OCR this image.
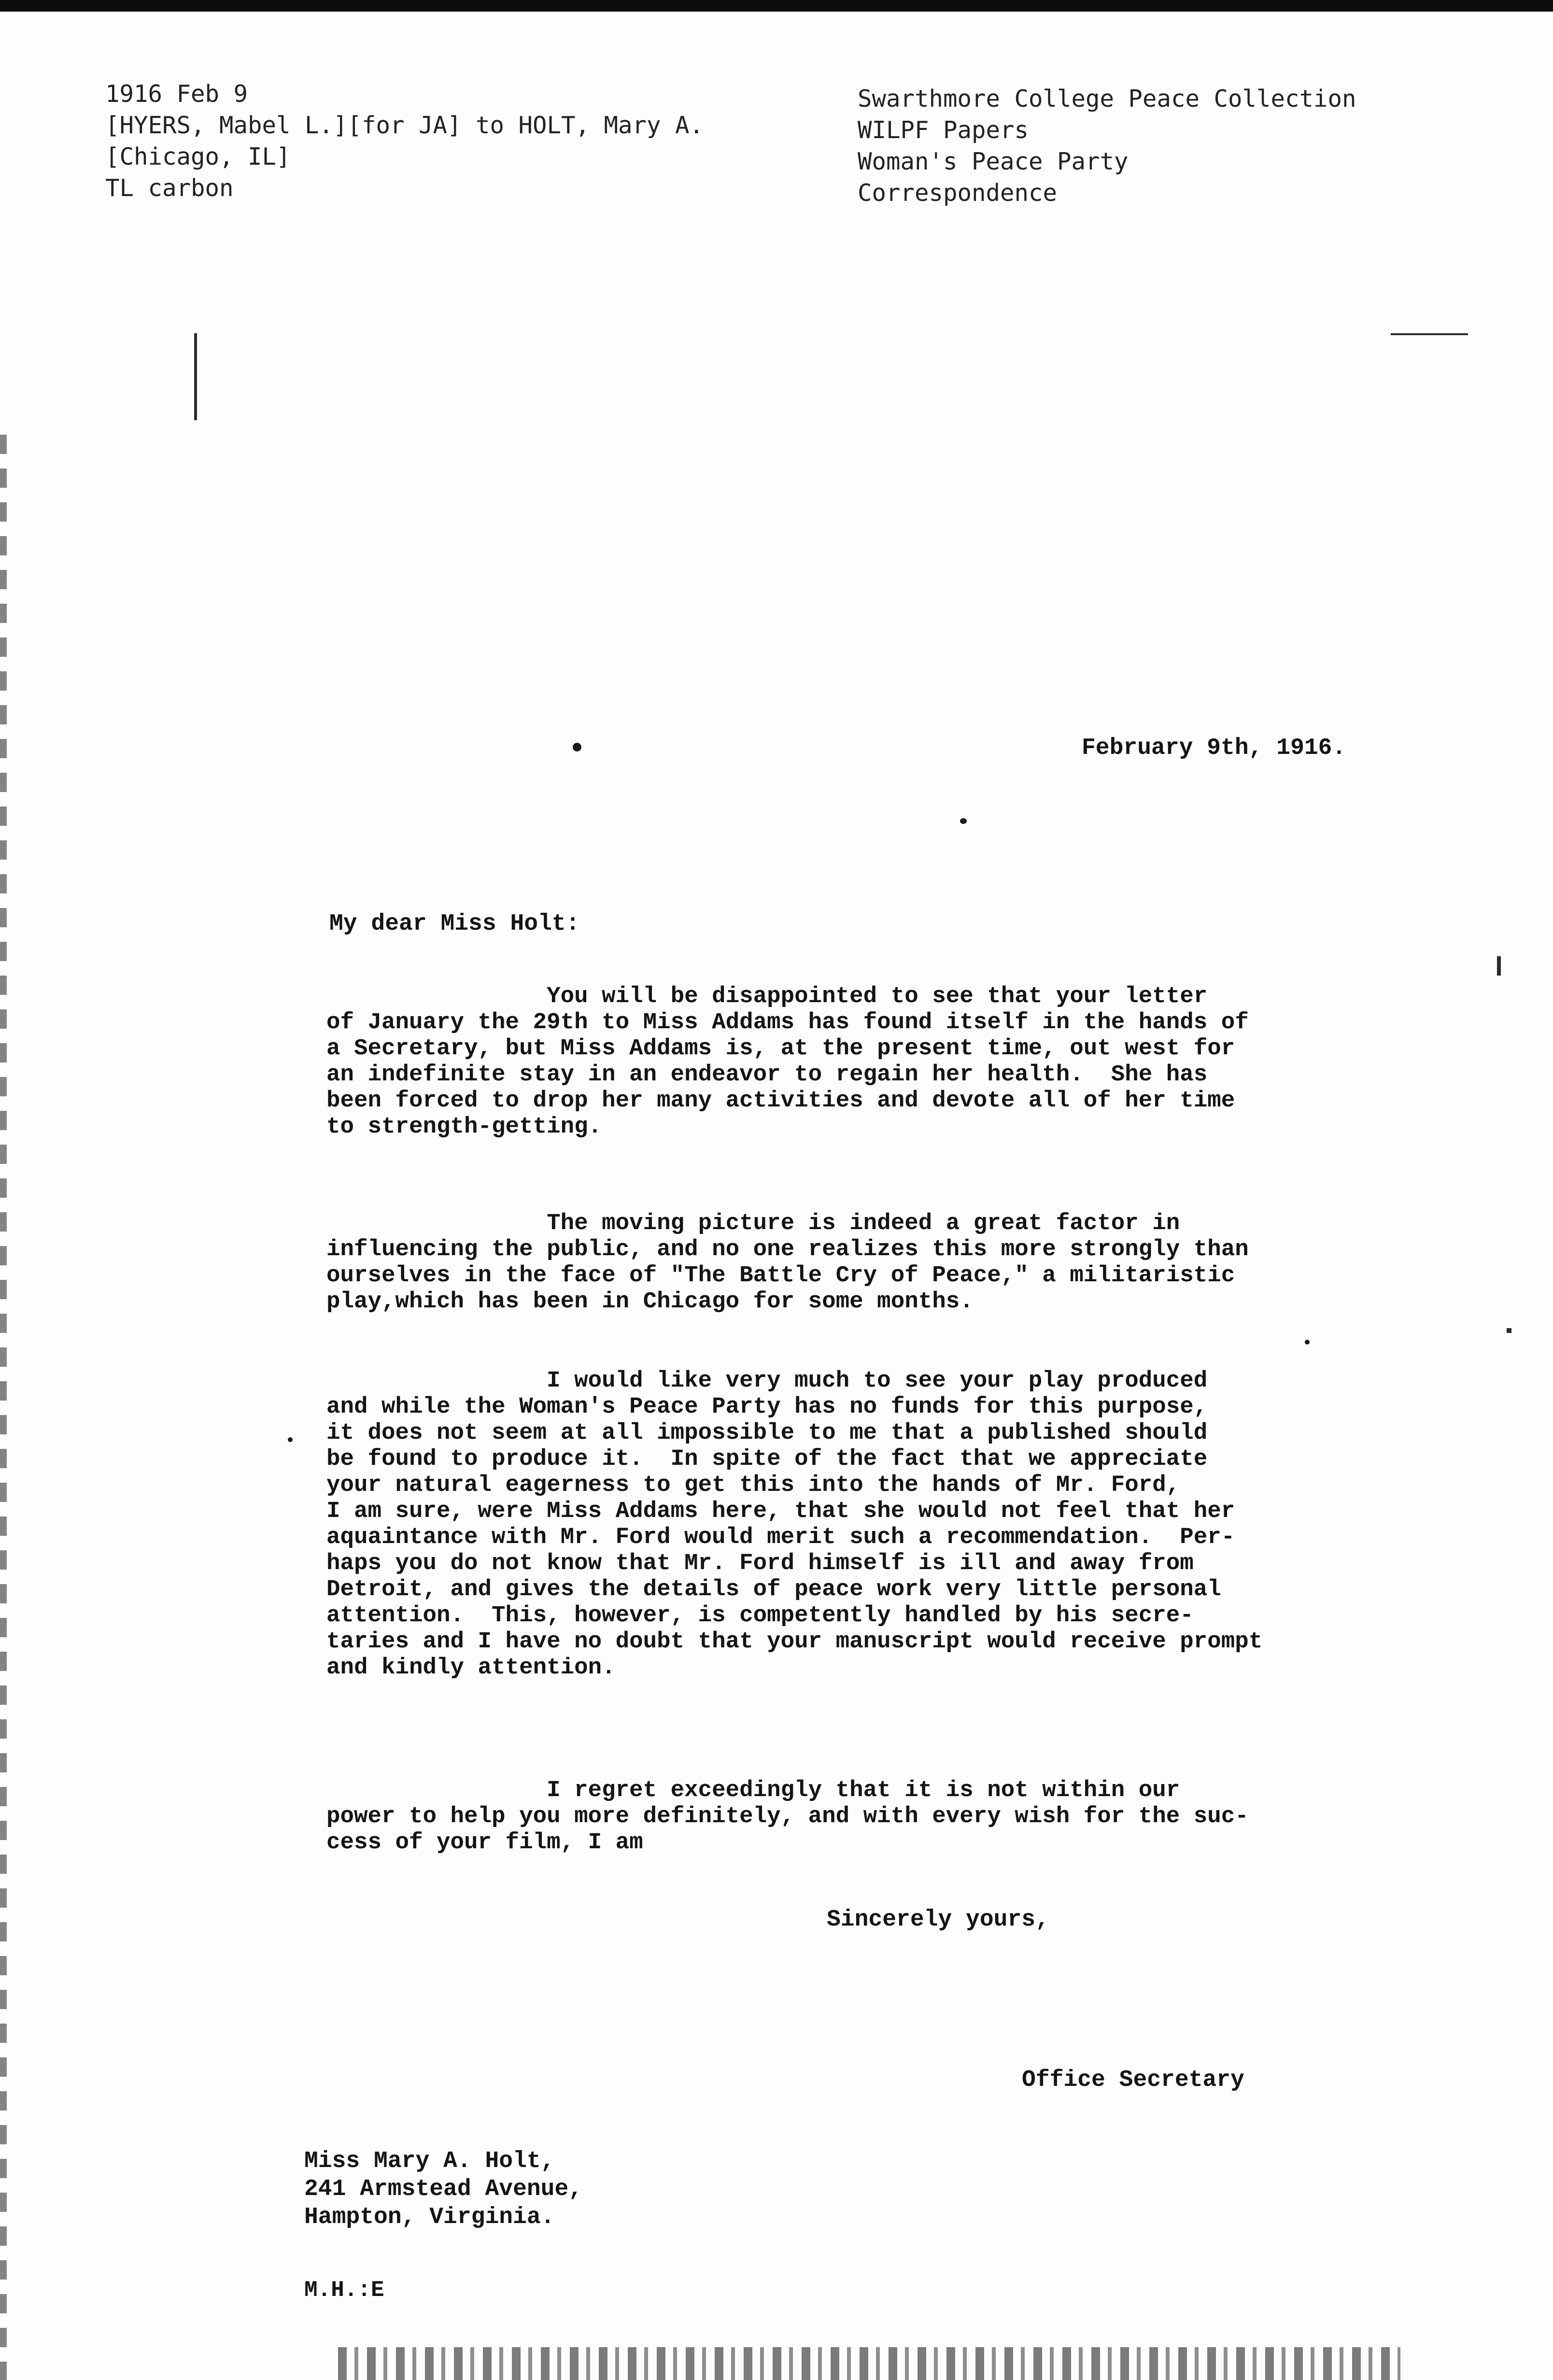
1916 Feb 9
[HYERS, Mabel L.][for JA] to HOLT, Mary A.
[Chicago, IL]
TL carbon
Swarthmore College Peace Collection
WILPF Papers
Woman's Peace Party
Correspondence
February 9th, 1916.
My dear Miss Holt:
You will be disappointed to see that your letter
of January the 29th to Miss Addams has found itself in the hands of
a Secretary, but Miss Addams is, at the present time, out west for
an indefinite stay in an endeavor to regain her health.  She has
been forced to drop her many activities and devote all of her time
to strength-getting.
The moving picture is indeed a great factor in
influencing the public, and no one realizes this more strongly than
ourselves in the face of "The Battle Cry of Peace," a militaristic
play,which has been in Chicago for some months.
I would like very much to see your play produced
and while the Woman's Peace Party has no funds for this purpose,
it does not seem at all impossible to me that a published should
be found to produce it.  In spite of the fact that we appreciate
your natural eagerness to get this into the hands of Mr. Ford,
I am sure, were Miss Addams here, that she would not feel that her
aquaintance with Mr. Ford would merit such a recommendation.  Per-
haps you do not know that Mr. Ford himself is ill and away from
Detroit, and gives the details of peace work very little personal
attention.  This, however, is competently handled by his secre-
taries and I have no doubt that your manuscript would receive prompt
and kindly attention.
I regret exceedingly that it is not within our
power to help you more definitely, and with every wish for the suc-
cess of your film, I am
Sincerely yours,
Office Secretary
Miss Mary A. Holt,
241 Armstead Avenue,
Hampton, Virginia.
M.H.:E
